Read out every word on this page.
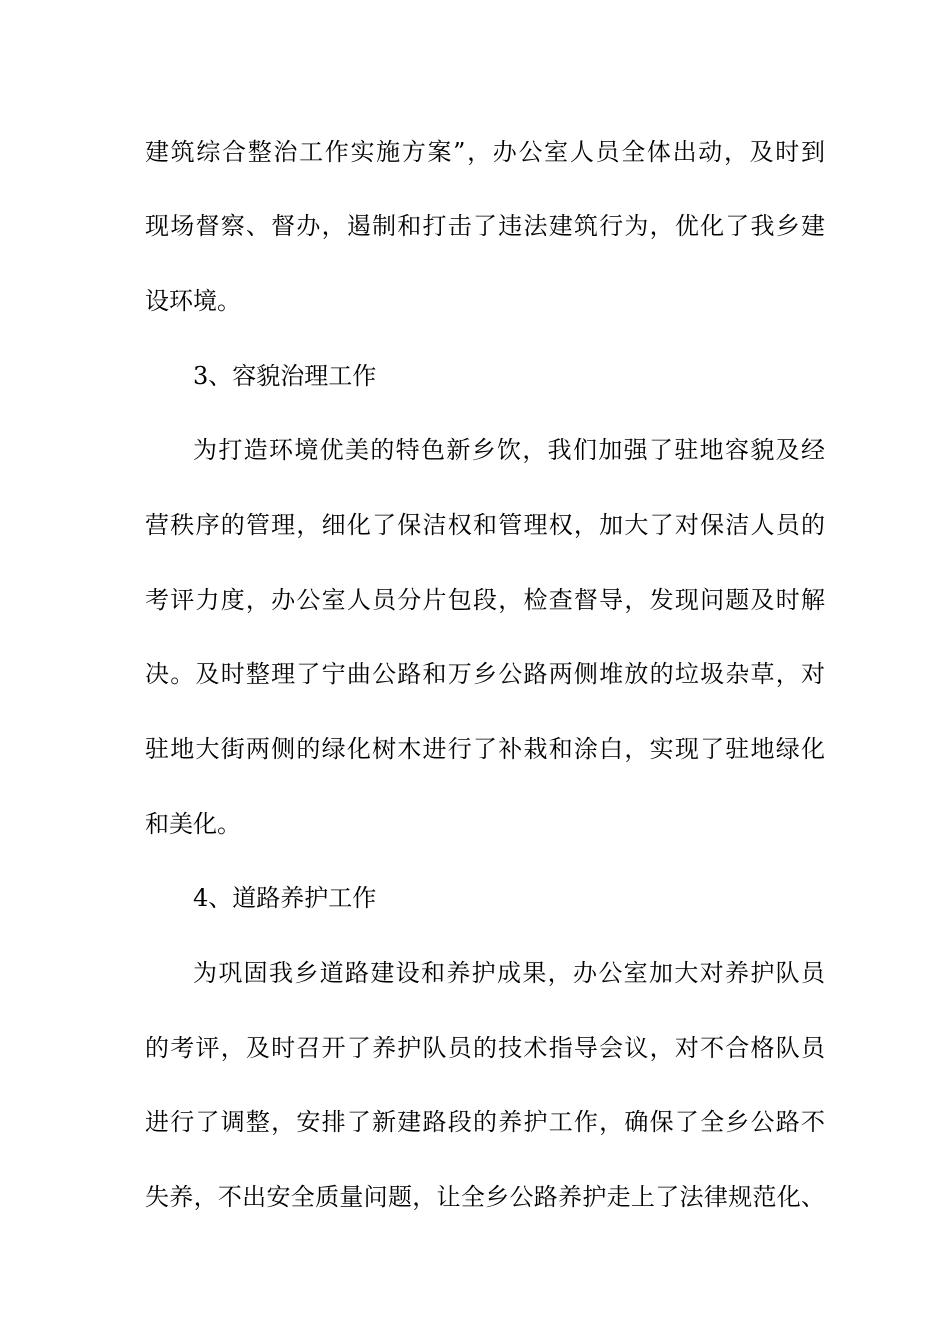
建筑综合整治工作实施方案”，办公室人员全体出动，及时到
现场督察、督办，遏制和打击了违法建筑行为，优化了我乡建
设环境。
3、容貌治理工作
为打造环境优美的特色新乡饮，我们加强了驻地容貌及经
营秩序的管理，细化了保洁权和管理权，加大了对保洁人员的
考评力度，办公室人员分片包段，检查督导，发现问题及时解
决。及时整理了宁曲公路和万乡公路两侧堆放的垃圾杂草，对
驻地大街两侧的绿化树木进行了补栽和涂白，实现了驻地绿化
和美化。
4、道路养护工作
为巩固我乡道路建设和养护成果，办公室加大对养护队员
的考评，及时召开了养护队员的技术指导会议，对不合格队员
进行了调整，安排了新建路段的养护工作，确保了全乡公路不
失养，不出安全质量问题，让全乡公路养护走上了法律规范化、
